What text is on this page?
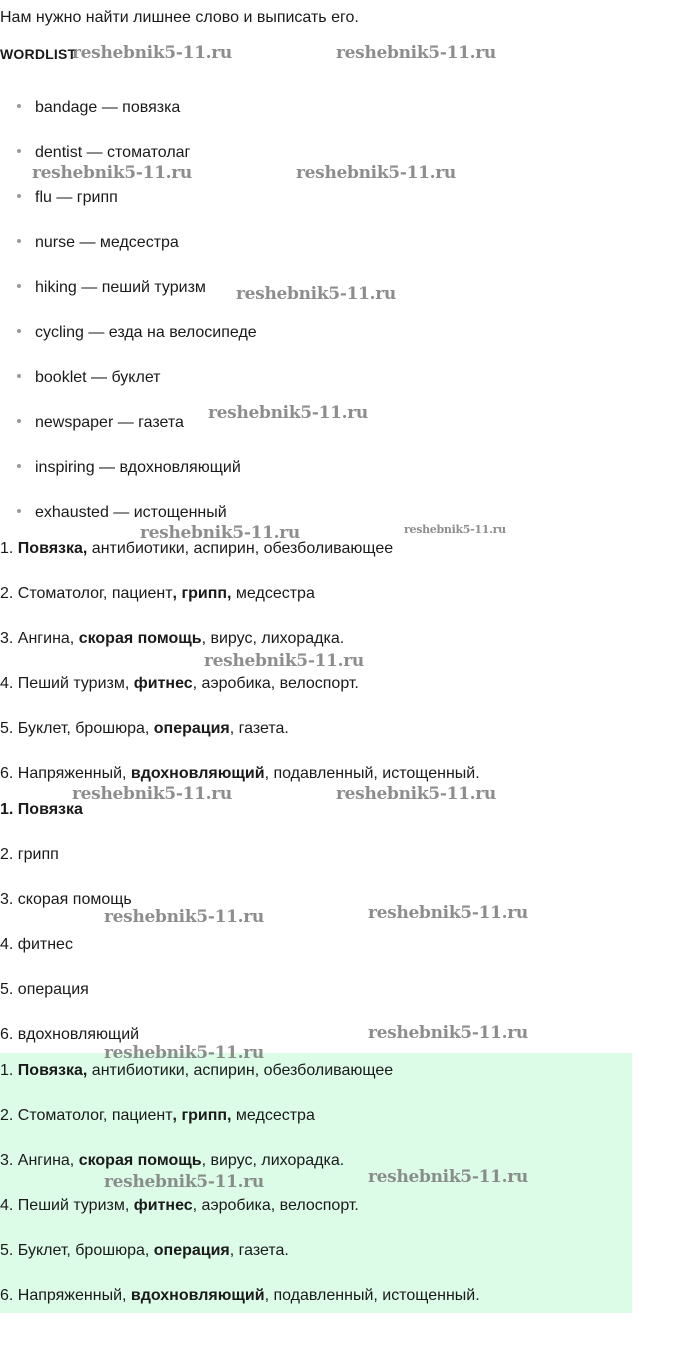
Нам нужно найти лишнее слово и выписать его.

WORDLIST

bandage — повязка
dentist — стоматолаг
flu — грипп
nurse — медсестра
hiking — пеший туризм
cycling — езда на велосипеде
booklet — буклет
newspaper — газета
inspiring — вдохновляющий
exhausted — истощенный

1. Повязка, антибиотики, аспирин, обезболивающее

2. Стоматолог, пациент, грипп, медсестра

3. Ангина, скорая помощь, вирус, лихорадка.

4. Пеший туризм, фитнес, аэробика, велоспорт.

5. Буклет, брошюра, операция, газета.

6. Напряженный, вдохновляющий, подавленный, истощенный.

1. Повязка

2. грипп

3. скорая помощь

4. фитнес

5. операция

6. вдохновляющий

1. Повязка, антибиотики, аспирин, обезболивающее

2. Стоматолог, пациент, грипп, медсестра

3. Ангина, скорая помощь, вирус, лихорадка.

4. Пеший туризм, фитнес, аэробика, велоспорт.

5. Буклет, брошюра, операция, газета.

6. Напряженный, вдохновляющий, подавленный, истощенный.

reshebnik5-11.ru	reshebnik5-11.ru
reshebnik5-11.ru	reshebnik5-11.ru
reshebnik5-11.ru
reshebnik5-11.ru
reshebnik5-11.ru	reshebnik5-11.ru
reshebnik5-11.ru
reshebnik5-11.ru	reshebnik5-11.ru
reshebnik5-11.ru	reshebnik5-11.ru
reshebnik5-11.ru
reshebnik5-11.ru
reshebnik5-11.ru	reshebnik5-11.ru
